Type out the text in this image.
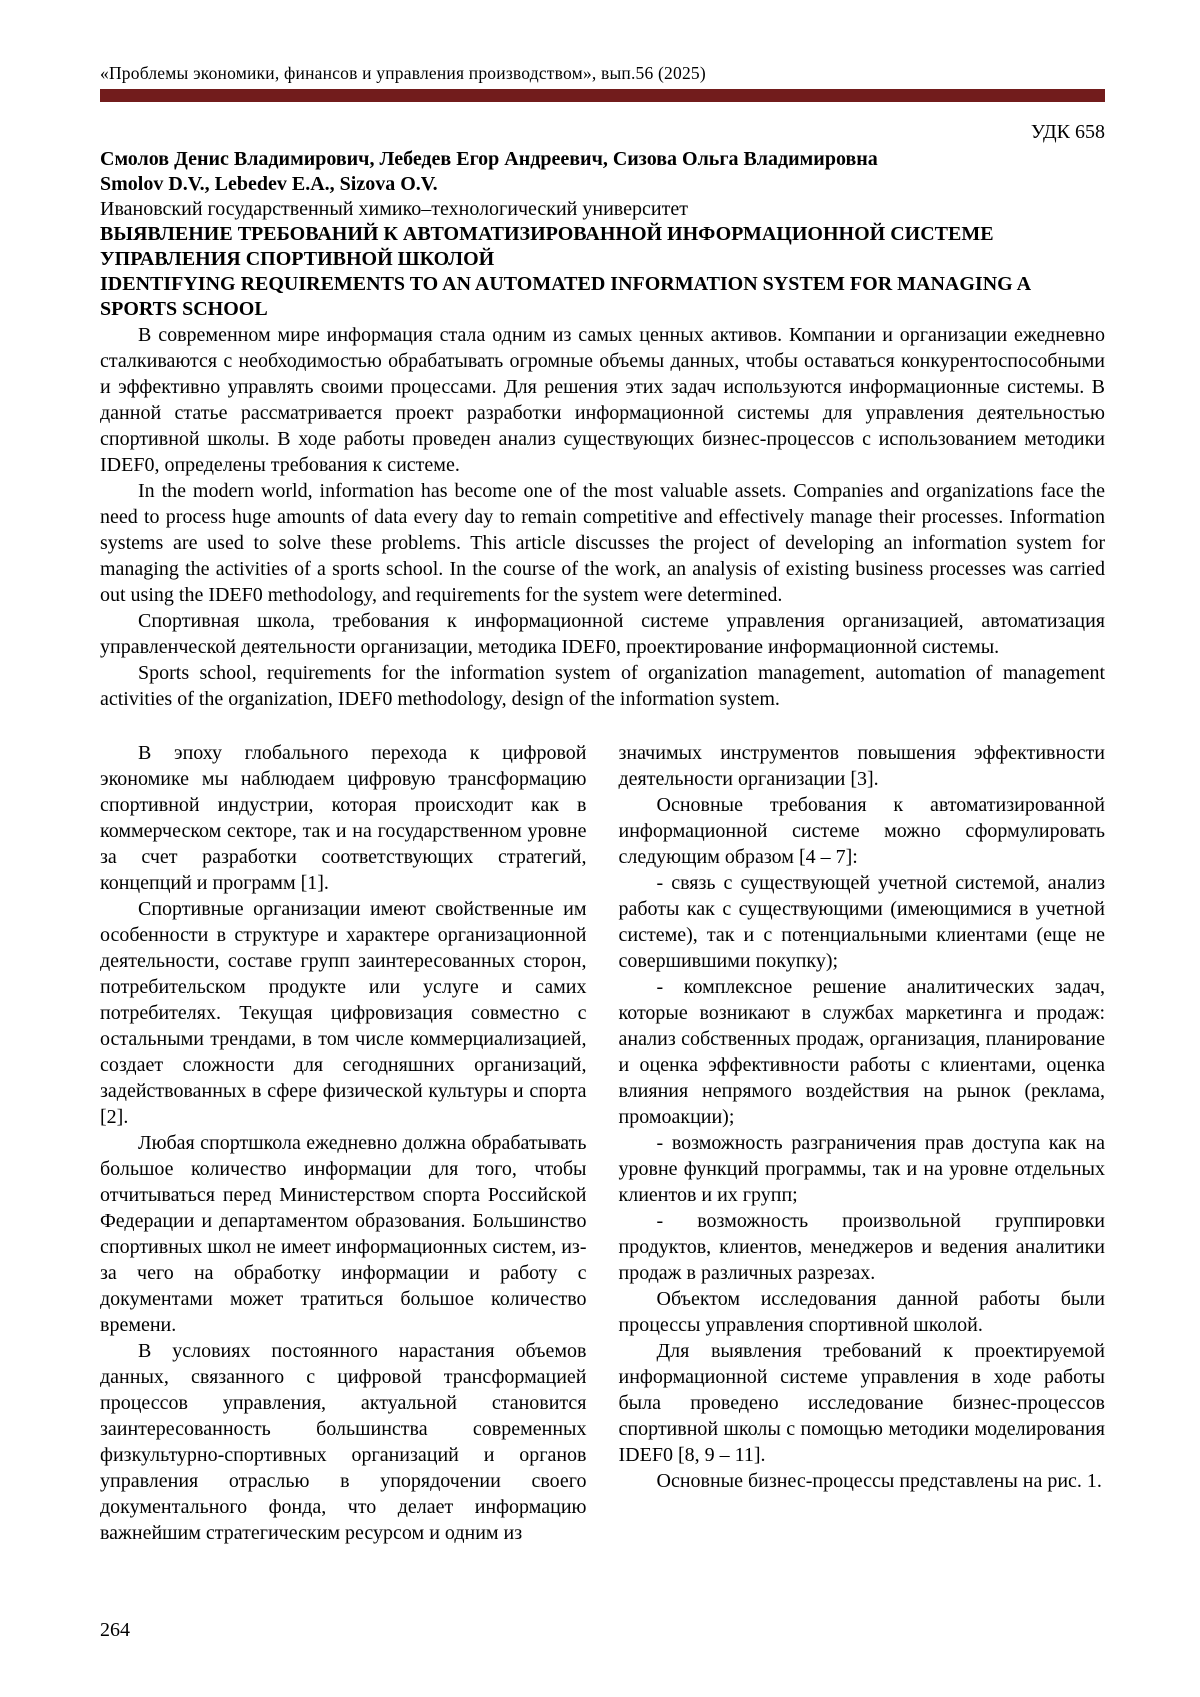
«Проблемы экономики, финансов и управления производством», вып.56 (2025)
УДК 658
Смолов Денис Владимирович, Лебедев Егор Андреевич, Сизова Ольга Владимировна
Smolov D.V., Lebedev E.A., Sizova O.V.
Ивановский государственный химико–технологический университет
ВЫЯВЛЕНИЕ ТРЕБОВАНИЙ К АВТОМАТИЗИРОВАННОЙ ИНФОРМАЦИОННОЙ СИСТЕМЕ УПРАВЛЕНИЯ СПОРТИВНОЙ ШКОЛОЙ
IDENTIFYING REQUIREMENTS TO AN AUTOMATED INFORMATION SYSTEM FOR MANAGING A SPORTS SCHOOL

В современном мире информация стала одним из самых ценных активов. Компании и организации ежедневно сталкиваются с необходимостью обрабатывать огромные объемы данных, чтобы оставаться конкурентоспособными и эффективно управлять своими процессами. Для решения этих задач используются информационные системы. В данной статье рассматривается проект разработки информационной системы для управления деятельностью спортивной школы. В ходе работы проведен анализ существующих бизнес-процессов с использованием методики IDEF0, определены требования к системе.

In the modern world, information has become one of the most valuable assets. Companies and organizations face the need to process huge amounts of data every day to remain competitive and effectively manage their processes. Information systems are used to solve these problems. This article discusses the project of developing an information system for managing the activities of a sports school. In the course of the work, an analysis of existing business processes was carried out using the IDEF0 methodology, and requirements for the system were determined.

Спортивная школа, требования к информационной системе управления организацией, автоматизация управленческой деятельности организации, методика IDEF0, проектирование информационной системы.

Sports school, requirements for the information system of organization management, automation of management activities of the organization, IDEF0 methodology, design of the information system.

В эпоху глобального перехода к цифровой экономике мы наблюдаем цифровую трансформацию спортивной индустрии, которая происходит как в коммерческом секторе, так и на государственном уровне за счет разработки соответствующих стратегий, концепций и программ [1].

Спортивные организации имеют свойственные им особенности в структуре и характере организационной деятельности, составе групп заинтересованных сторон, потребительском продукте или услуге и самих потребителях. Текущая цифровизация совместно с остальными трендами, в том числе коммерциализацией, создает сложности для сегодняшних организаций, задействованных в сфере физической культуры и спорта [2].

Любая спортшкола ежедневно должна обрабатывать большое количество информации для того, чтобы отчитываться перед Министерством спорта Российской Федерации и департаментом образования. Большинство спортивных школ не имеет информационных систем, из-за чего на обработку информации и работу с документами может тратиться большое количество времени.

В условиях постоянного нарастания объемов данных, связанного с цифровой трансформацией процессов управления, актуальной становится заинтересованность большинства современных физкультурно-спортивных организаций и органов управления отраслью в упорядочении своего документального фонда, что делает информацию важнейшим стратегическим ресурсом и одним из

значимых инструментов повышения эффективности деятельности организации [3].

Основные требования к автоматизированной информационной системе можно сформулировать следующим образом [4 – 7]:

- связь с существующей учетной системой, анализ работы как с существующими (имеющимися в учетной системе), так и с потенциальными клиентами (еще не совершившими покупку);

- комплексное решение аналитических задач, которые возникают в службах маркетинга и продаж: анализ собственных продаж, организация, планирование и оценка эффективности работы с клиентами, оценка влияния непрямого воздействия на рынок (реклама, промоакции);

- возможность разграничения прав доступа как на уровне функций программы, так и на уровне отдельных клиентов и их групп;

- возможность произвольной группировки продуктов, клиентов, менеджеров и ведения аналитики продаж в различных разрезах.

Объектом исследования данной работы были процессы управления спортивной школой.

Для выявления требований к проектируемой информационной системе управления в ходе работы была проведено исследование бизнес-процессов спортивной школы с помощью методики моделирования IDEF0 [8, 9 – 11].

Основные бизнес-процессы представлены на рис. 1.

264
